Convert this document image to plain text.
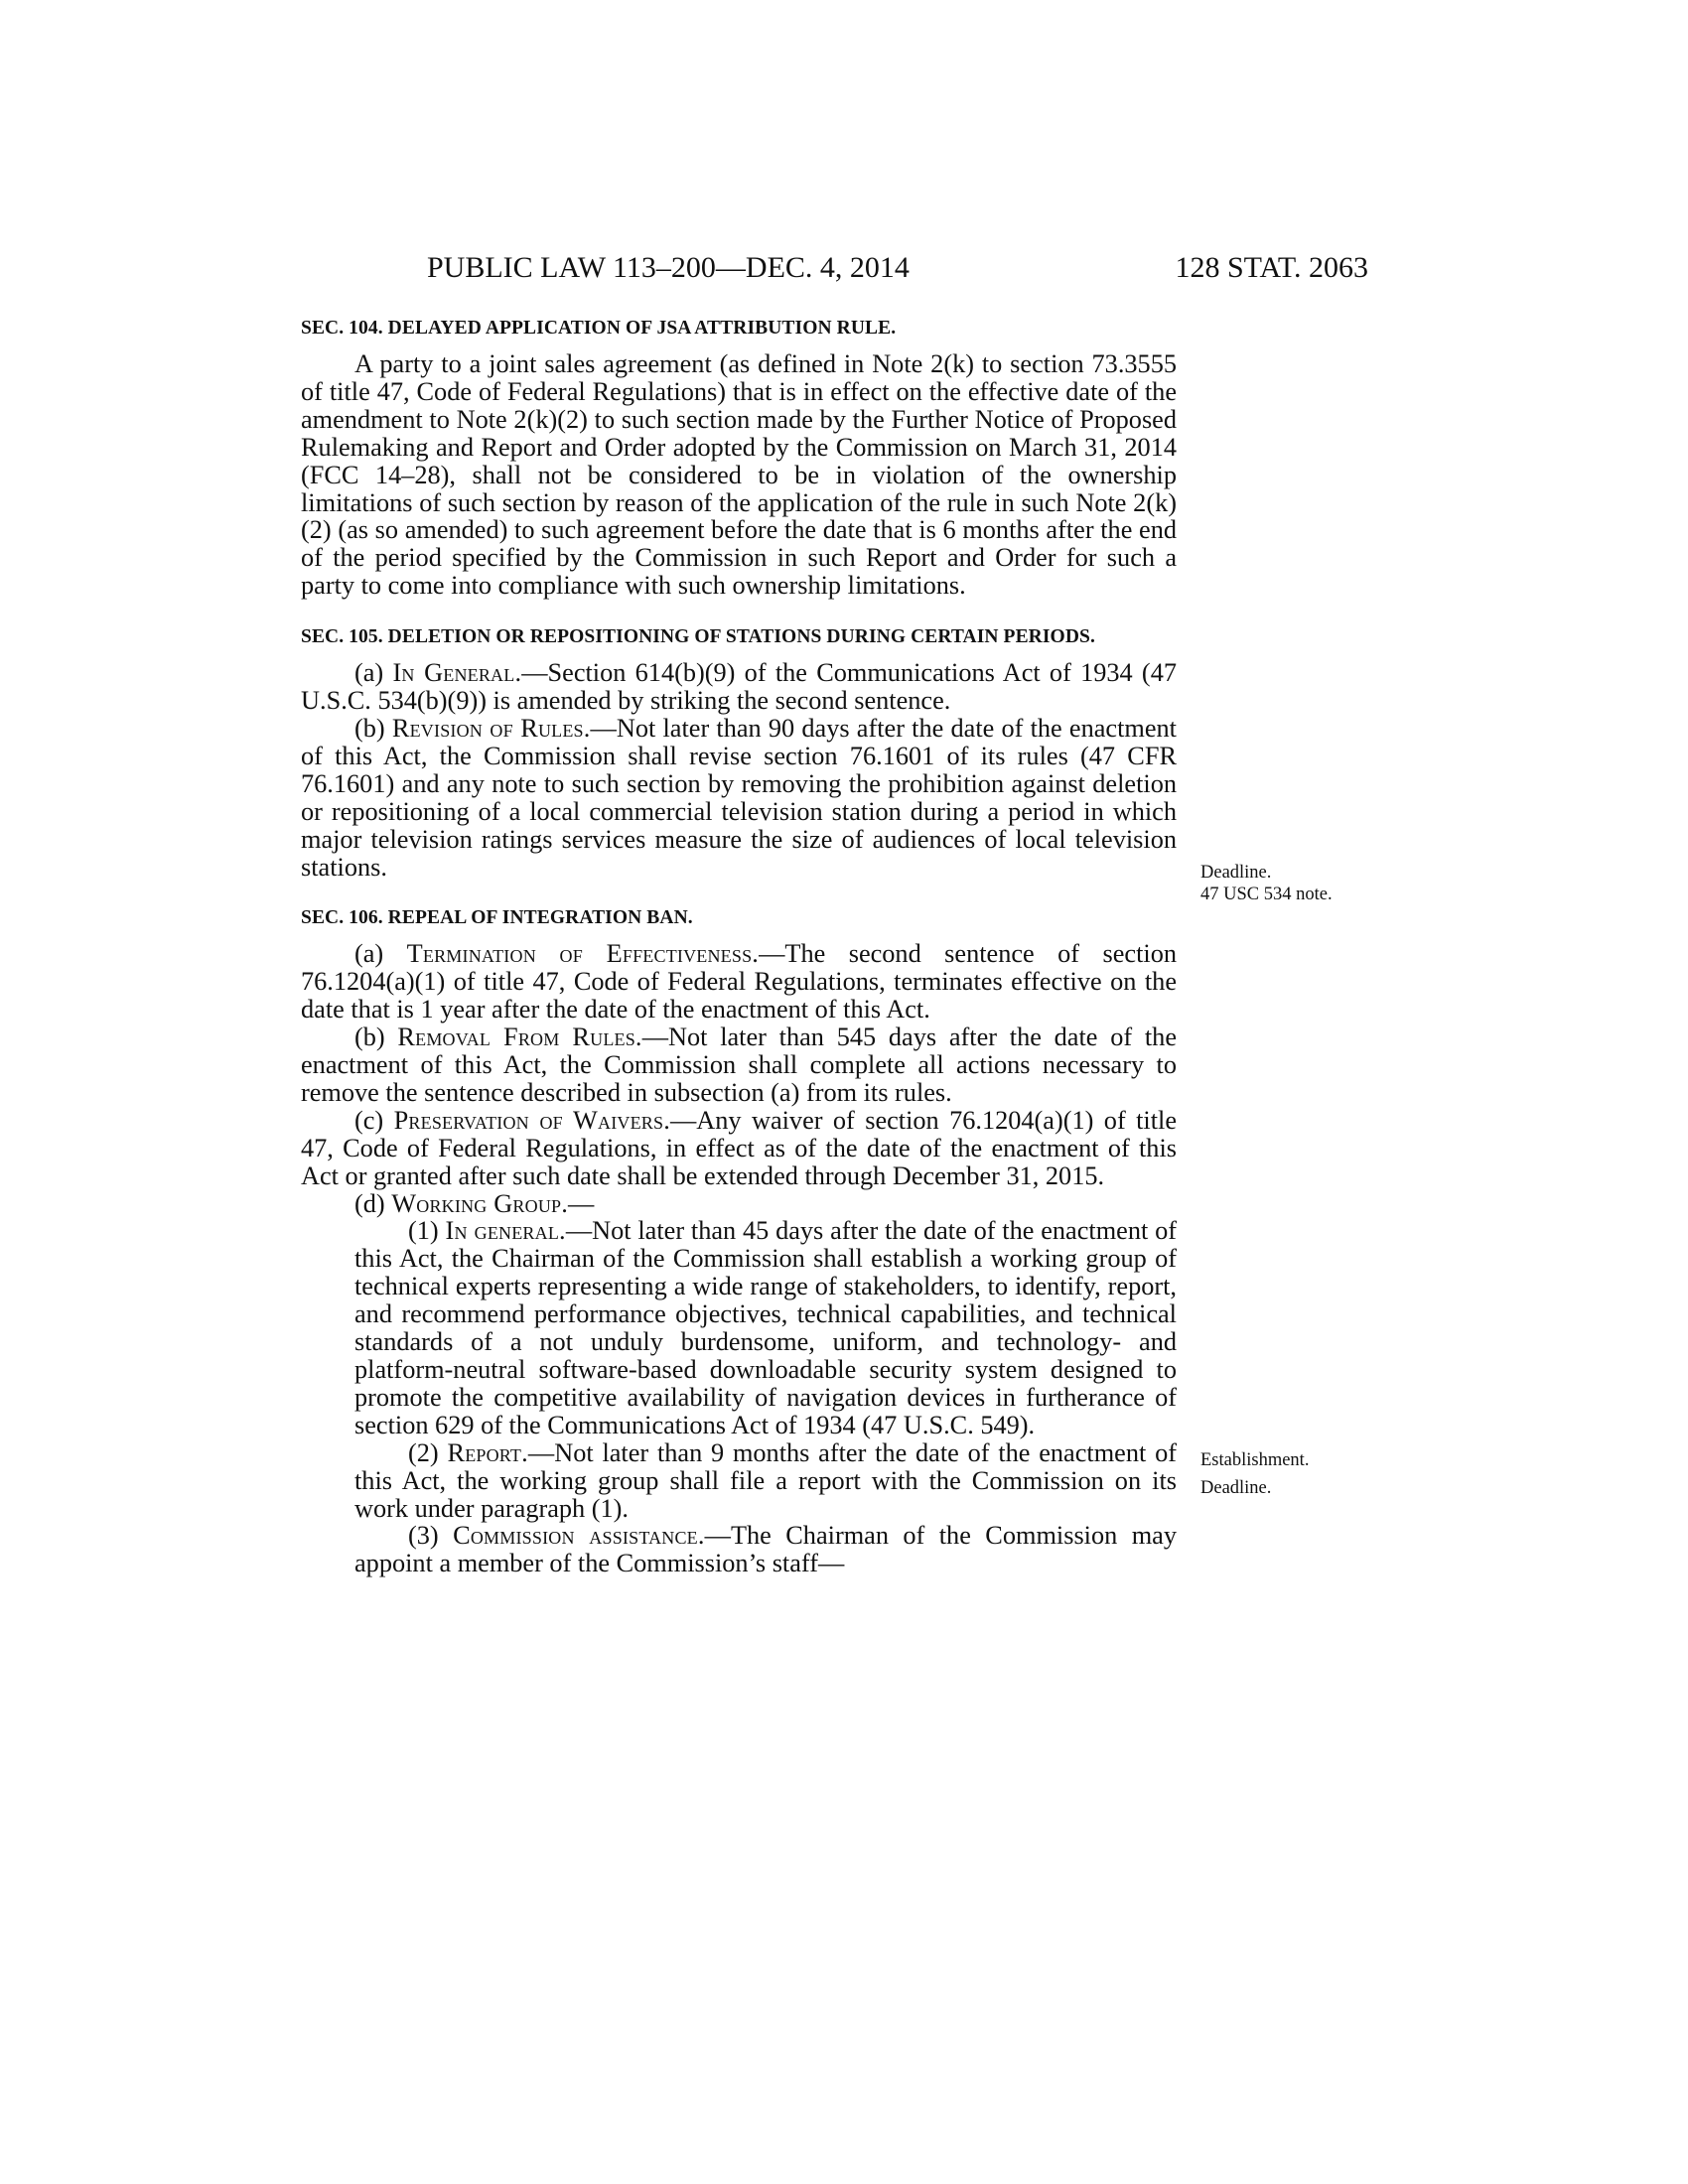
PUBLIC LAW 113–200—DEC. 4, 2014	128 STAT. 2063
SEC. 104. DELAYED APPLICATION OF JSA ATTRIBUTION RULE.

A party to a joint sales agreement (as defined in Note 2(k) to section 73.3555 of title 47, Code of Federal Regulations) that is in effect on the effective date of the amendment to Note 2(k)(2) to such section made by the Further Notice of Proposed Rulemaking and Report and Order adopted by the Commission on March 31, 2014 (FCC 14–28), shall not be considered to be in violation of the ownership limitations of such section by reason of the application of the rule in such Note 2(k)(2) (as so amended) to such agreement before the date that is 6 months after the end of the period specified by the Commission in such Report and Order for such a party to come into compliance with such ownership limitations.

SEC. 105. DELETION OR REPOSITIONING OF STATIONS DURING CERTAIN PERIODS.

(a) In General.—Section 614(b)(9) of the Communications Act of 1934 (47 U.S.C. 534(b)(9)) is amended by striking the second sentence.

(b) Revision of Rules.—Not later than 90 days after the date of the enactment of this Act, the Commission shall revise section 76.1601 of its rules (47 CFR 76.1601) and any note to such section by removing the prohibition against deletion or repositioning of a local commercial television station during a period in which major television ratings services measure the size of audiences of local television stations.

SEC. 106. REPEAL OF INTEGRATION BAN.

(a) Termination of Effectiveness.—The second sentence of section 76.1204(a)(1) of title 47, Code of Federal Regulations, terminates effective on the date that is 1 year after the date of the enactment of this Act.

(b) Removal From Rules.—Not later than 545 days after the date of the enactment of this Act, the Commission shall complete all actions necessary to remove the sentence described in subsection (a) from its rules.

(c) Preservation of Waivers.—Any waiver of section 76.1204(a)(1) of title 47, Code of Federal Regulations, in effect as of the date of the enactment of this Act or granted after such date shall be extended through December 31, 2015.

(d) Working Group.—

(1) In general.—Not later than 45 days after the date of the enactment of this Act, the Chairman of the Commission shall establish a working group of technical experts representing a wide range of stakeholders, to identify, report, and recommend performance objectives, technical capabilities, and technical standards of a not unduly burdensome, uniform, and technology- and platform-neutral software-based downloadable security system designed to promote the competitive availability of navigation devices in furtherance of section 629 of the Communications Act of 1934 (47 U.S.C. 549).

(2) Report.—Not later than 9 months after the date of the enactment of this Act, the working group shall file a report with the Commission on its work under paragraph (1).

(3) Commission assistance.—The Chairman of the Commission may appoint a member of the Commission’s staff—

Deadline.
47 USC 534 note.
Establishment.
Deadline.
